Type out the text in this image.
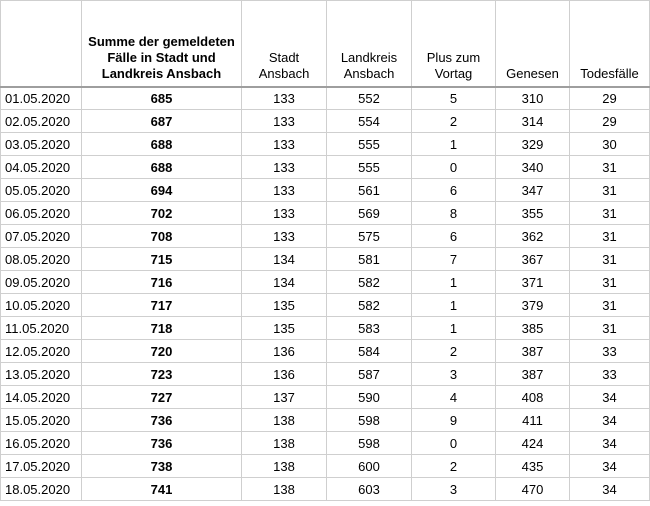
	Summe der gemeldeten Fälle in Stadt und Landkreis Ansbach	Stadt Ansbach	Landkreis Ansbach	Plus zum Vortag	Genesen	Todesfälle
01.05.2020	685	133	552	5	310	29
02.05.2020	687	133	554	2	314	29
03.05.2020	688	133	555	1	329	30
04.05.2020	688	133	555	0	340	31
05.05.2020	694	133	561	6	347	31
06.05.2020	702	133	569	8	355	31
07.05.2020	708	133	575	6	362	31
08.05.2020	715	134	581	7	367	31
09.05.2020	716	134	582	1	371	31
10.05.2020	717	135	582	1	379	31
11.05.2020	718	135	583	1	385	31
12.05.2020	720	136	584	2	387	33
13.05.2020	723	136	587	3	387	33
14.05.2020	727	137	590	4	408	34
15.05.2020	736	138	598	9	411	34
16.05.2020	736	138	598	0	424	34
17.05.2020	738	138	600	2	435	34
18.05.2020	741	138	603	3	470	34
